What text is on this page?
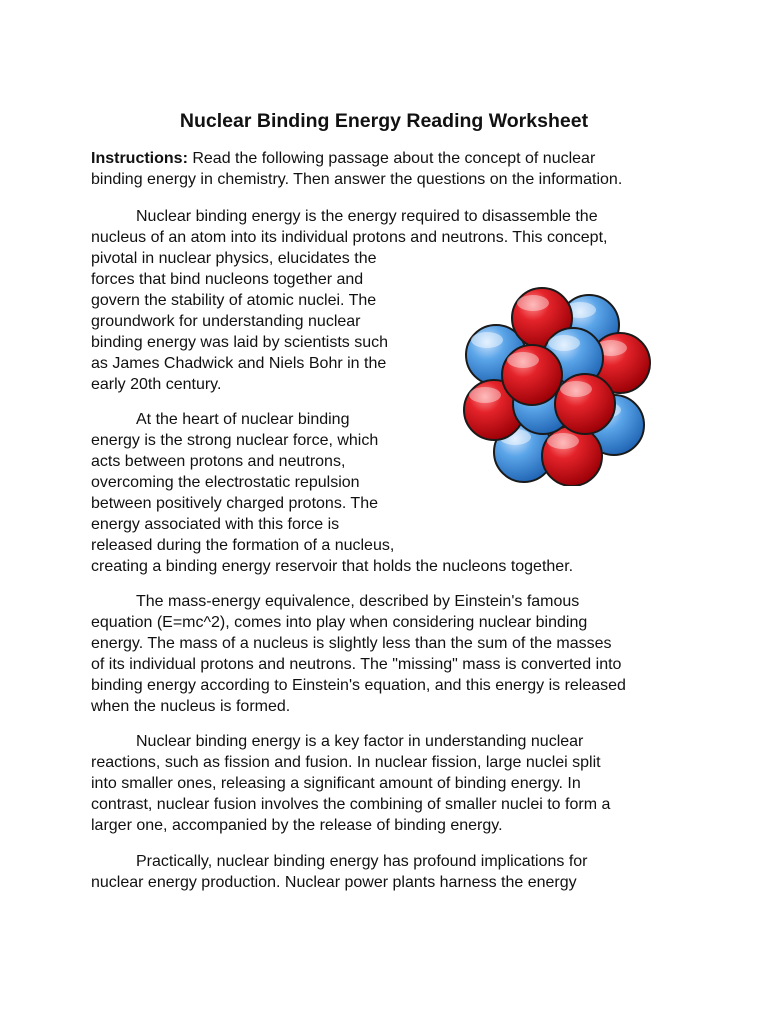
Nuclear Binding Energy Reading Worksheet

Instructions: Read the following passage about the concept of nuclear

binding energy in chemistry. Then answer the questions on the information.

Nuclear binding energy is the energy required to disassemble the

nucleus of an atom into its individual protons and neutrons. This concept,

pivotal in nuclear physics, elucidates the

forces that bind nucleons together and

govern the stability of atomic nuclei. The

groundwork for understanding nuclear

binding energy was laid by scientists such

as James Chadwick and Niels Bohr in the

early 20th century.

At the heart of nuclear binding

energy is the strong nuclear force, which

acts between protons and neutrons,

overcoming the electrostatic repulsion

between positively charged protons. The

energy associated with this force is

released during the formation of a nucleus,

creating a binding energy reservoir that holds the nucleons together.

The mass-energy equivalence, described by Einstein's famous

equation (E=mc^2), comes into play when considering nuclear binding

energy. The mass of a nucleus is slightly less than the sum of the masses

of its individual protons and neutrons. The "missing" mass is converted into

binding energy according to Einstein's equation, and this energy is released

when the nucleus is formed.

Nuclear binding energy is a key factor in understanding nuclear

reactions, such as fission and fusion. In nuclear fission, large nuclei split

into smaller ones, releasing a significant amount of binding energy. In

contrast, nuclear fusion involves the combining of smaller nuclei to form a

larger one, accompanied by the release of binding energy.

Practically, nuclear binding energy has profound implications for

nuclear energy production. Nuclear power plants harness the energy
